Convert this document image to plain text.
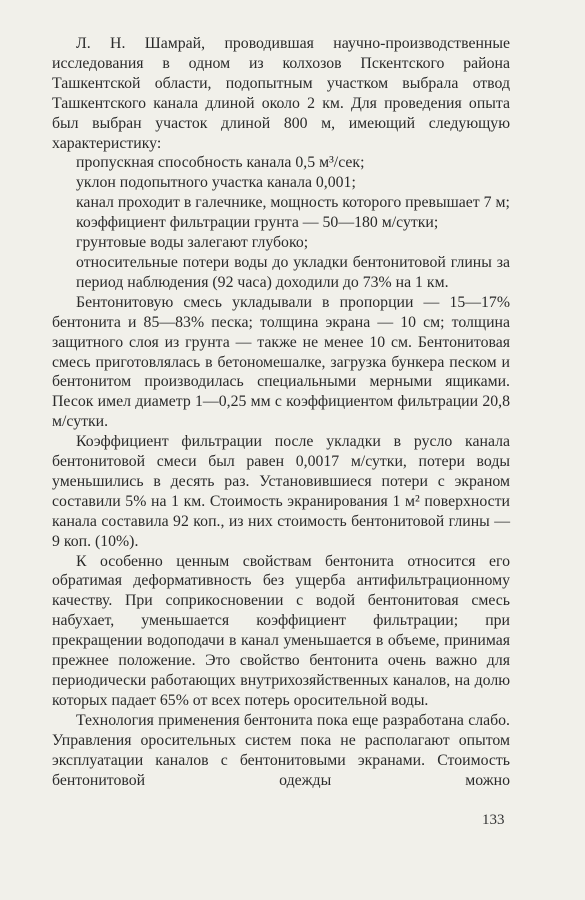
Л. Н. Шамрай, проводившая научно-производственные исследования в одном из колхозов Пскентского района Ташкентской области, подопытным участком выбрала отвод Ташкентского канала длиной около 2 км. Для проведения опыта был выбран участок длиной 800 м, имеющий следующую характеристику:

пропускная способность канала 0,5 м³/сек;
уклон подопытного участка канала 0,001;
канал проходит в галечнике, мощность которого превышает 7 м;
коэффициент фильтрации грунта — 50—180 м/сутки;
грунтовые воды залегают глубоко;
относительные потери воды до укладки бентонитовой глины за период наблюдения (92 часа) доходили до 73% на 1 км.

Бентонитовую смесь укладывали в пропорции — 15—17% бентонита и 85—83% песка; толщина экрана — 10 см; толщина защитного слоя из грунта — также не менее 10 см. Бентонитовая смесь приготовлялась в бетономешалке, загрузка бункера песком и бентонитом производилась специальными мерными ящиками. Песок имел диаметр 1—0,25 мм с коэффициентом фильтрации 20,8 м/сутки.

Коэффициент фильтрации после укладки в русло канала бентонитовой смеси был равен 0,0017 м/сутки, потери воды уменьшились в десять раз. Установившиеся потери с экраном составили 5% на 1 км. Стоимость экранирования 1 м² поверхности канала составила 92 коп., из них стоимость бентонитовой глины — 9 коп. (10%).

К особенно ценным свойствам бентонита относится его обратимая деформативность без ущерба антифильтрационному качеству. При соприкосновении с водой бентонитовая смесь набухает, уменьшается коэффициент фильтрации; при прекращении водоподачи в канал уменьшается в объеме, принимая прежнее положение. Это свойство бентонита очень важно для периодически работающих внутрихозяйственных каналов, на долю которых падает 65% от всех потерь оросительной воды.

Технология применения бентонита пока еще разработана слабо. Управления оросительных систем пока не располагают опытом эксплуатации каналов с бентонитовыми экранами. Стоимость бентонитовой одежды можно

133
